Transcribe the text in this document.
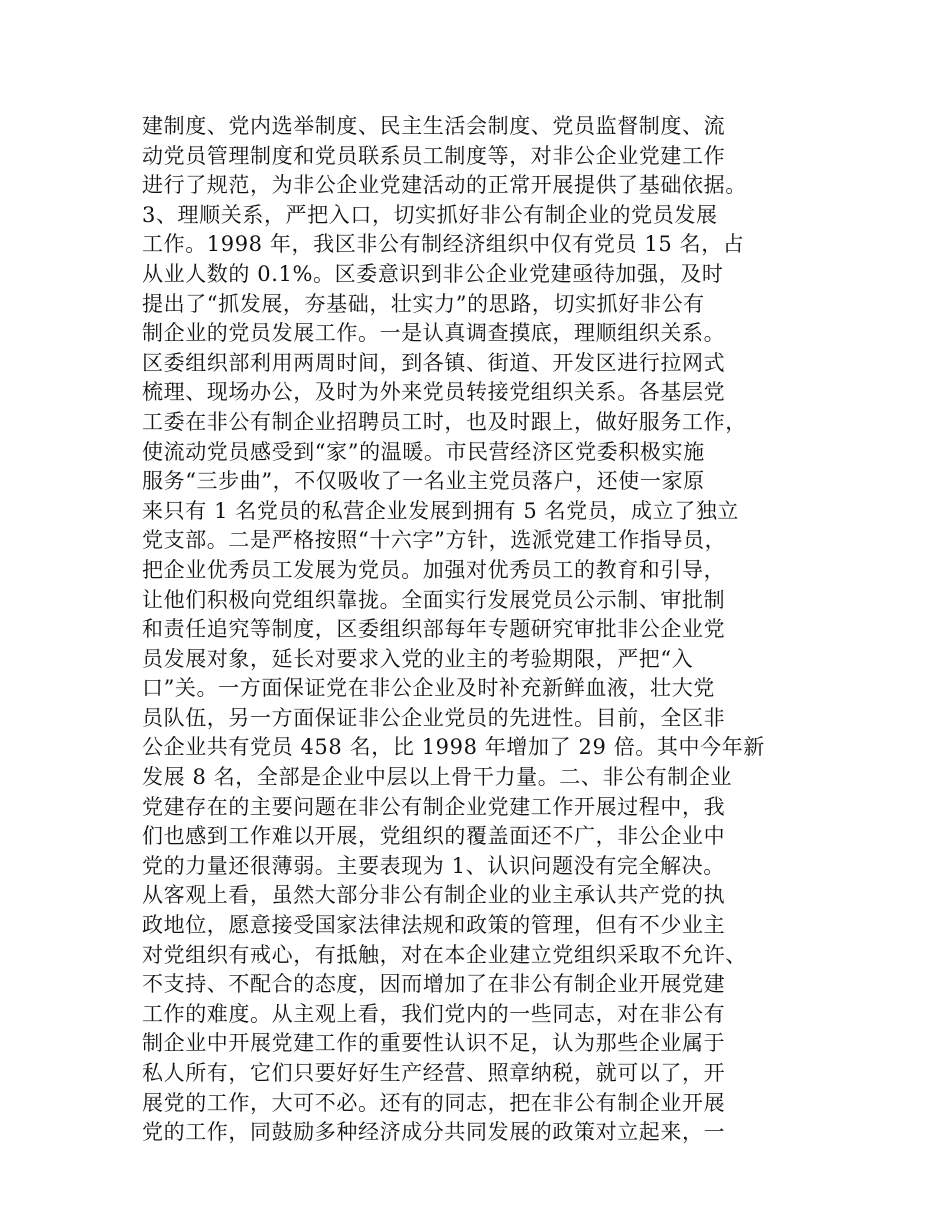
建制度、党内选举制度、民主生活会制度、党员监督制度、流
动党员管理制度和党员联系员工制度等，对非公企业党建工作
进行了规范，为非公企业党建活动的正常开展提供了基础依据。
3、理顺关系，严把入口，切实抓好非公有制企业的党员发展
工作。1998 年，我区非公有制经济组织中仅有党员 15 名，占
从业人数的 0.1%。区委意识到非公企业党建亟待加强，及时
提出了“抓发展，夯基础，壮实力”的思路，切实抓好非公有
制企业的党员发展工作。一是认真调查摸底，理顺组织关系。
区委组织部利用两周时间，到各镇、街道、开发区进行拉网式
梳理、现场办公，及时为外来党员转接党组织关系。各基层党
工委在非公有制企业招聘员工时，也及时跟上，做好服务工作，
使流动党员感受到“家”的温暖。市民营经济区党委积极实施
服务“三步曲”，不仅吸收了一名业主党员落户，还使一家原
来只有 1 名党员的私营企业发展到拥有 5 名党员，成立了独立
党支部。二是严格按照“十六字”方针，选派党建工作指导员，
把企业优秀员工发展为党员。加强对优秀员工的教育和引导，
让他们积极向党组织靠拢。全面实行发展党员公示制、审批制
和责任追究等制度，区委组织部每年专题研究审批非公企业党
员发展对象，延长对要求入党的业主的考验期限，严把“入
口”关。一方面保证党在非公企业及时补充新鲜血液，壮大党
员队伍，另一方面保证非公企业党员的先进性。目前，全区非
公企业共有党员 458 名，比 1998 年增加了 29 倍。其中今年新
发展 8 名，全部是企业中层以上骨干力量。二、非公有制企业
党建存在的主要问题在非公有制企业党建工作开展过程中，我
们也感到工作难以开展，党组织的覆盖面还不广，非公企业中
党的力量还很薄弱。主要表现为 1、认识问题没有完全解决。
从客观上看，虽然大部分非公有制企业的业主承认共产党的执
政地位，愿意接受国家法律法规和政策的管理，但有不少业主
对党组织有戒心，有抵触，对在本企业建立党组织采取不允许、
不支持、不配合的态度，因而增加了在非公有制企业开展党建
工作的难度。从主观上看，我们党内的一些同志，对在非公有
制企业中开展党建工作的重要性认识不足，认为那些企业属于
私人所有，它们只要好好生产经营、照章纳税，就可以了，开
展党的工作，大可不必。还有的同志，把在非公有制企业开展
党的工作，同鼓励多种经济成分共同发展的政策对立起来，一
